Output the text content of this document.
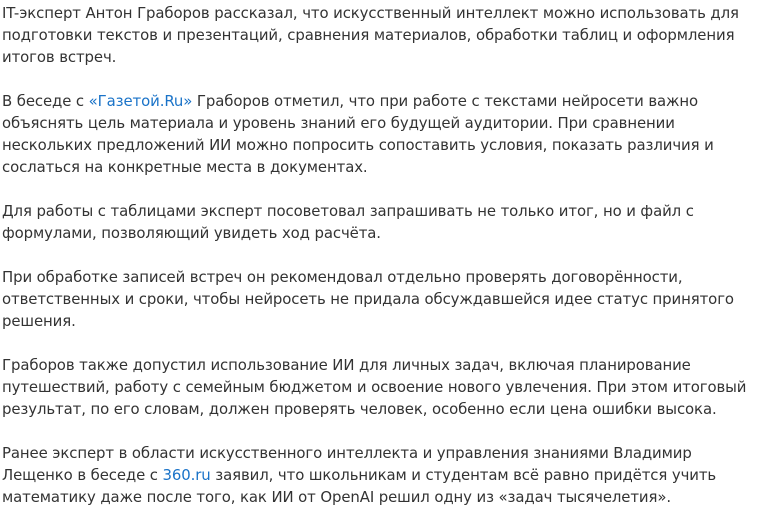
IT-эксперт Антон Граборов рассказал, что искусственный интеллект можно использовать для подготовки текстов и презентаций, сравнения материалов, обработки таблиц и оформления итогов встреч.

В беседе с «Газетой.Ru» Граборов отметил, что при работе с текстами нейросети важно объяснять цель материала и уровень знаний его будущей аудитории. При сравнении нескольких предложений ИИ можно попросить сопоставить условия, показать различия и сослаться на конкретные места в документах.

Для работы с таблицами эксперт посоветовал запрашивать не только итог, но и файл с формулами, позволяющий увидеть ход расчёта.

При обработке записей встреч он рекомендовал отдельно проверять договорённости, ответственных и сроки, чтобы нейросеть не придала обсуждавшейся идее статус принятого решения.

Граборов также допустил использование ИИ для личных задач, включая планирование путешествий, работу с семейным бюджетом и освоение нового увлечения. При этом итоговый результат, по его словам, должен проверять человек, особенно если цена ошибки высока.

Ранее эксперт в области искусственного интеллекта и управления знаниями Владимир Лещенко в беседе с 360.ru заявил, что школьникам и студентам всё равно придётся учить математику даже после того, как ИИ от OpenAI решил одну из «задач тысячелетия».
